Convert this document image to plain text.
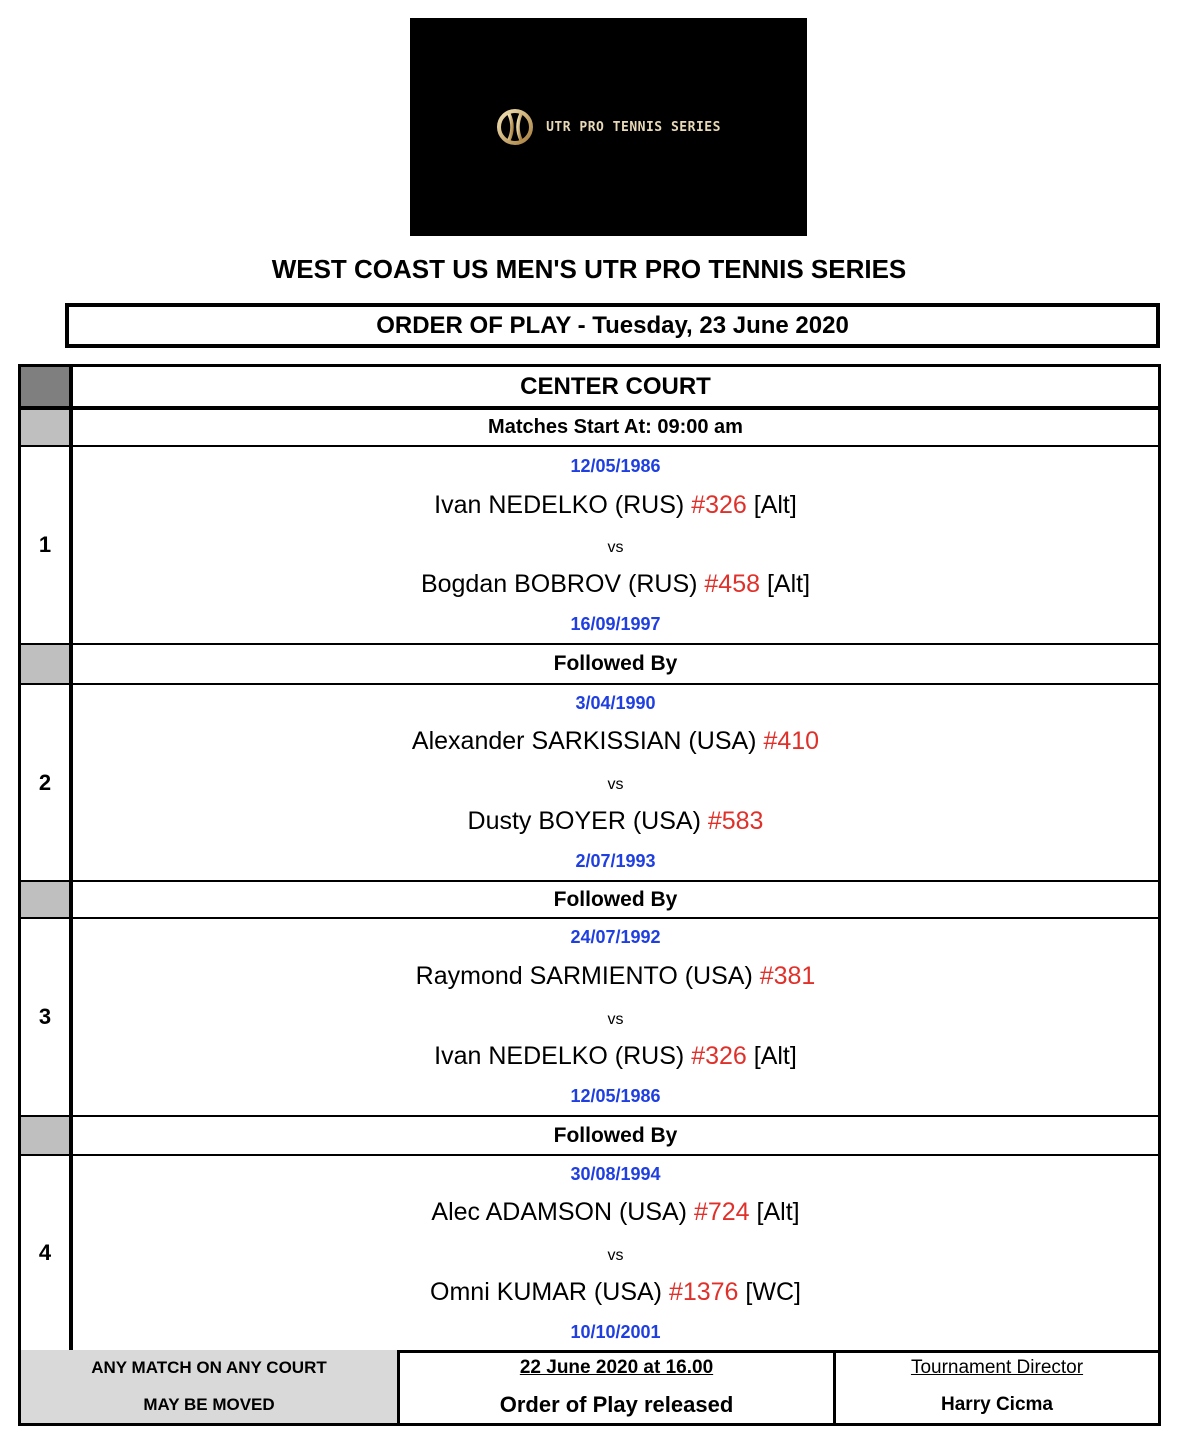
UTR PRO TENNIS SERIES
WEST COAST US MEN'S UTR PRO TENNIS SERIES
ORDER OF PLAY - Tuesday, 23 June 2020
CENTER COURT
Matches Start At: 09:00 am
1
12/05/1986
Ivan NEDELKO (RUS) #326 [Alt]
vs
Bogdan BOBROV (RUS) #458 [Alt]
16/09/1997
Followed By
2
3/04/1990
Alexander SARKISSIAN (USA) #410
vs
Dusty BOYER (USA) #583
2/07/1993
Followed By
3
24/07/1992
Raymond SARMIENTO (USA) #381
vs
Ivan NEDELKO (RUS) #326 [Alt]
12/05/1986
Followed By
4
30/08/1994
Alec ADAMSON (USA) #724 [Alt]
vs
Omni KUMAR (USA) #1376 [WC]
10/10/2001
ANY MATCH ON ANY COURT
MAY BE MOVED
22 June 2020 at 16.00
Order of Play released
Tournament Director
Harry Cicma
